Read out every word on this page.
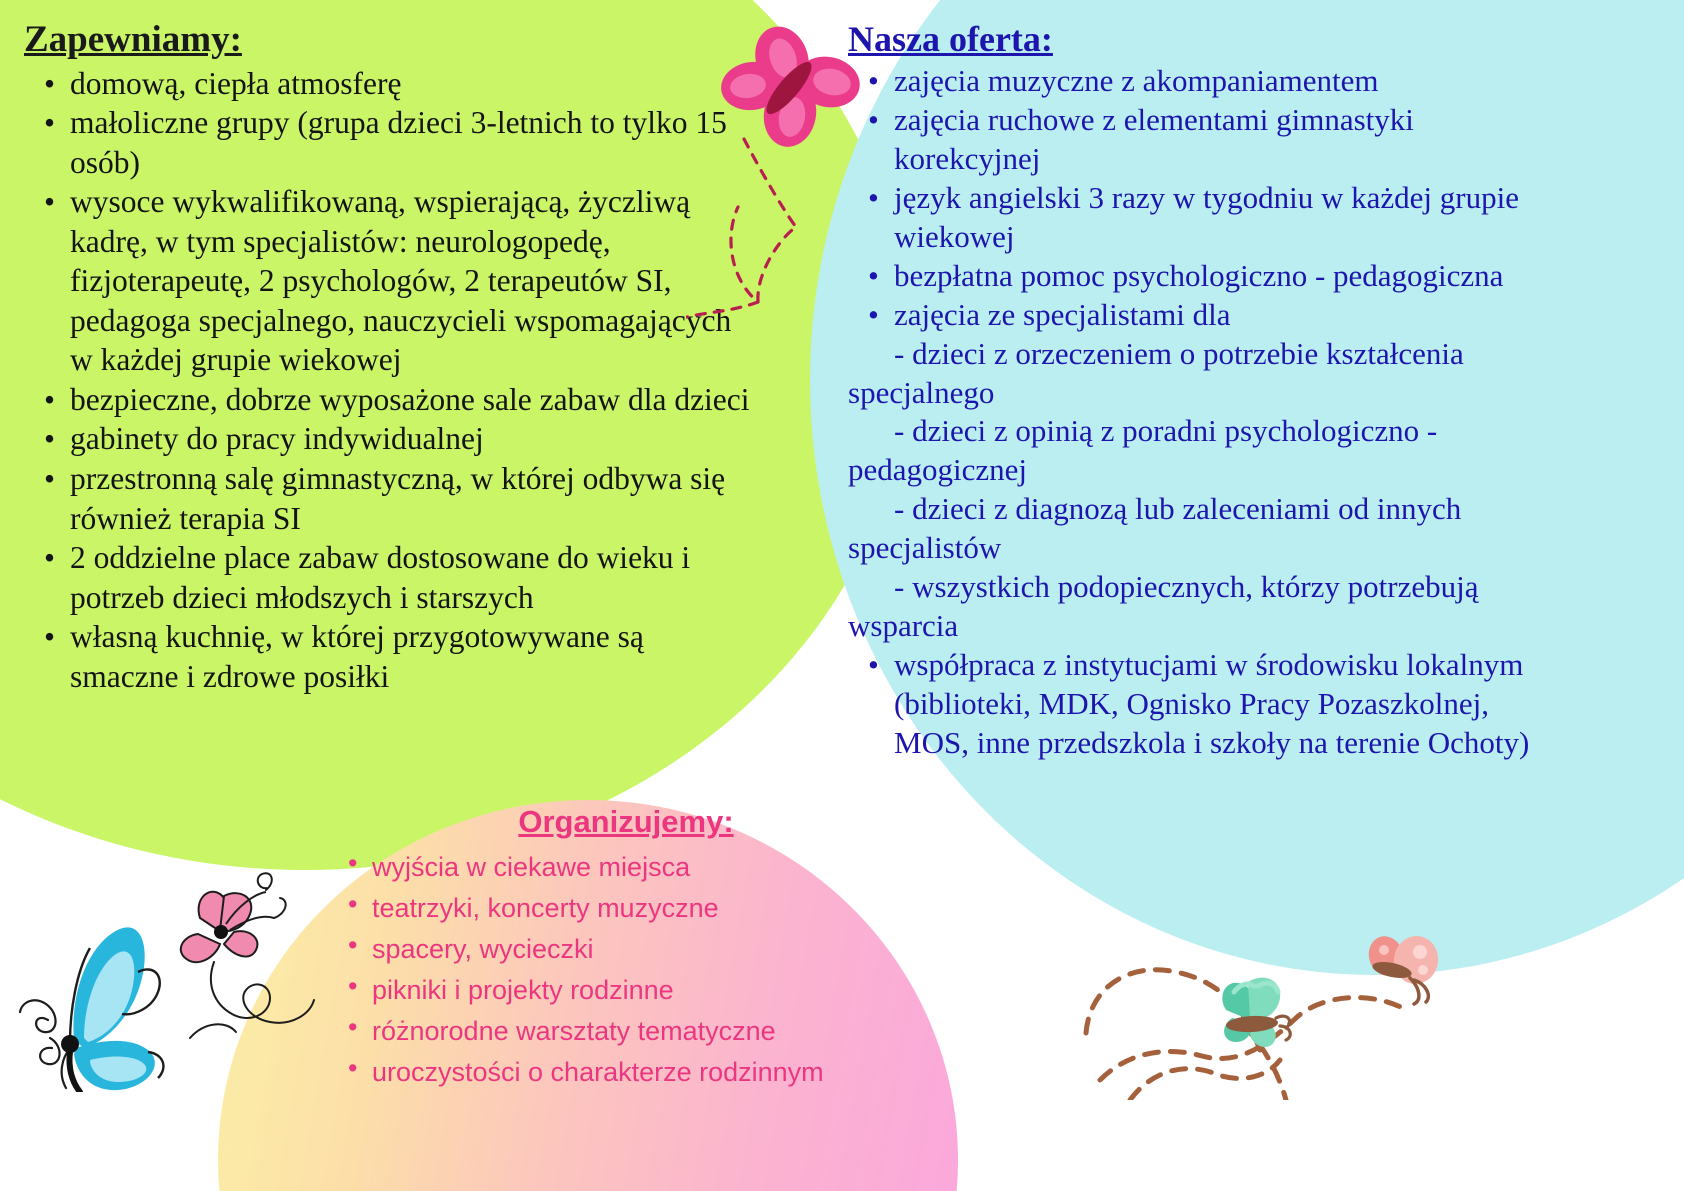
Zapewniamy:
• domową, ciepła atmosferę
• małoliczne grupy (grupa dzieci 3-letnich to tylko 15 osób)
• wysoce wykwalifikowaną, wspierającą, życzliwą kadrę, w tym specjalistów: neurologopedę, fizjoterapeutę, 2 psychologów, 2 terapeutów SI, pedagoga specjalnego, nauczycieli wspomagających w każdej grupie wiekowej
• bezpieczne, dobrze wyposażone sale zabaw dla dzieci
• gabinety do pracy indywidualnej
• przestronną salę gimnastyczną, w której odbywa się również terapia SI
• 2 oddzielne place zabaw dostosowane do wieku i potrzeb dzieci młodszych i starszych
• własną kuchnię, w której przygotowywane są smaczne i zdrowe posiłki
Nasza oferta:
• zajęcia muzyczne z akompaniamentem
• zajęcia ruchowe z elementami gimnastyki korekcyjnej
• język angielski 3 razy w tygodniu w każdej grupie wiekowej
• bezpłatna pomoc psychologiczno - pedagogiczna
• zajęcia ze specjalistami dla
- dzieci z orzeczeniem o potrzebie kształcenia specjalnego
- dzieci z opinią z poradni psychologiczno - pedagogicznej
- dzieci z diagnozą lub zaleceniami od innych specjalistów
- wszystkich podopiecznych, którzy potrzebują wsparcia
• współpraca z instytucjami w środowisku lokalnym (biblioteki, MDK, Ognisko Pracy Pozaszkolnej, MOS, inne przedszkola i szkoły na terenie Ochoty)
Organizujemy:
• wyjścia w ciekawe miejsca
• teatrzyki, koncerty muzyczne
• spacery, wycieczki
• pikniki i projekty rodzinne
• różnorodne warsztaty tematyczne
• uroczystości o charakterze rodzinnym
